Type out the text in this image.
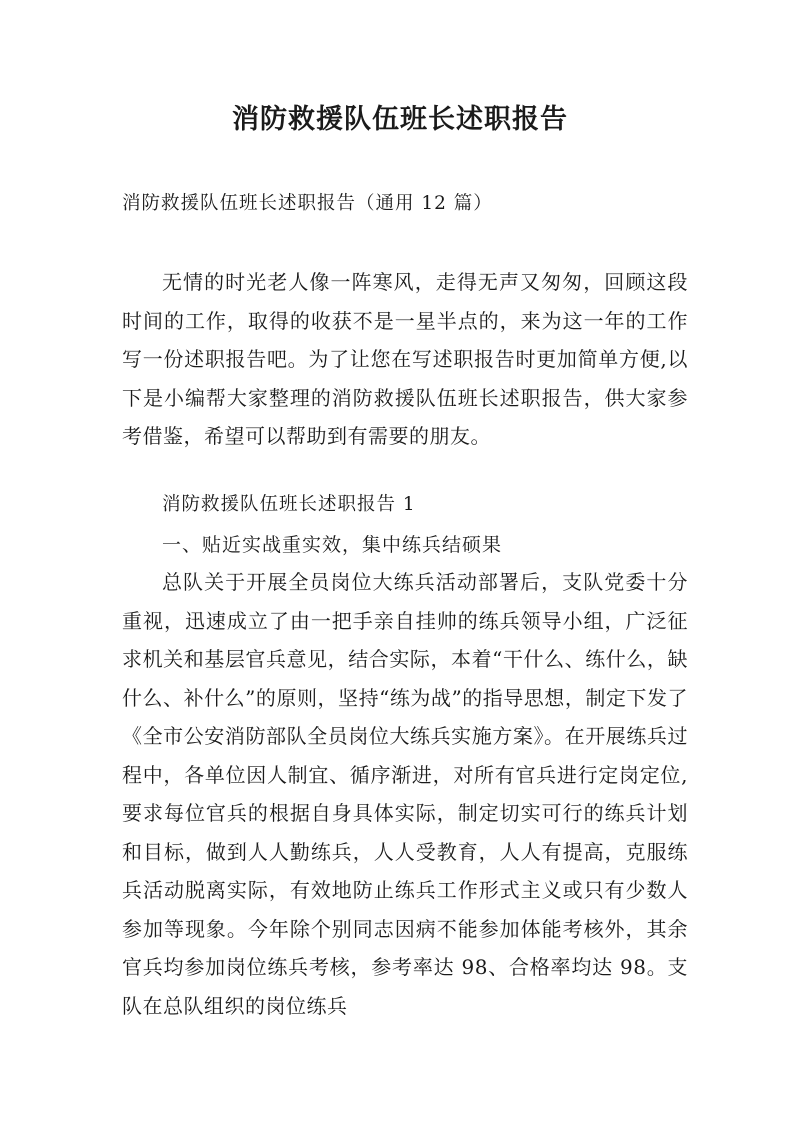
消防救援队伍班长述职报告

消防救援队伍班长述职报告（通用 12 篇）

无情的时光老人像一阵寒风，走得无声又匆匆，回顾这段时间的工作，取得的收获不是一星半点的，来为这一年的工作写一份述职报告吧。为了让您在写述职报告时更加简单方便,以下是小编帮大家整理的消防救援队伍班长述职报告，供大家参考借鉴，希望可以帮助到有需要的朋友。

消防救援队伍班长述职报告 1

一、贴近实战重实效，集中练兵结硕果

总队关于开展全员岗位大练兵活动部署后，支队党委十分重视，迅速成立了由一把手亲自挂帅的练兵领导小组，广泛征求机关和基层官兵意见，结合实际，本着“干什么、练什么，缺什么、补什么”的原则，坚持“练为战”的指导思想，制定下发了《全市公安消防部队全员岗位大练兵实施方案》。在开展练兵过程中，各单位因人制宜、循序渐进，对所有官兵进行定岗定位,要求每位官兵的根据自身具体实际，制定切实可行的练兵计划和目标，做到人人勤练兵，人人受教育，人人有提高，克服练兵活动脱离实际，有效地防止练兵工作形式主义或只有少数人参加等现象。今年除个别同志因病不能参加体能考核外，其余官兵均参加岗位练兵考核，参考率达 98、合格率均达 98。支队在总队组织的岗位练兵
